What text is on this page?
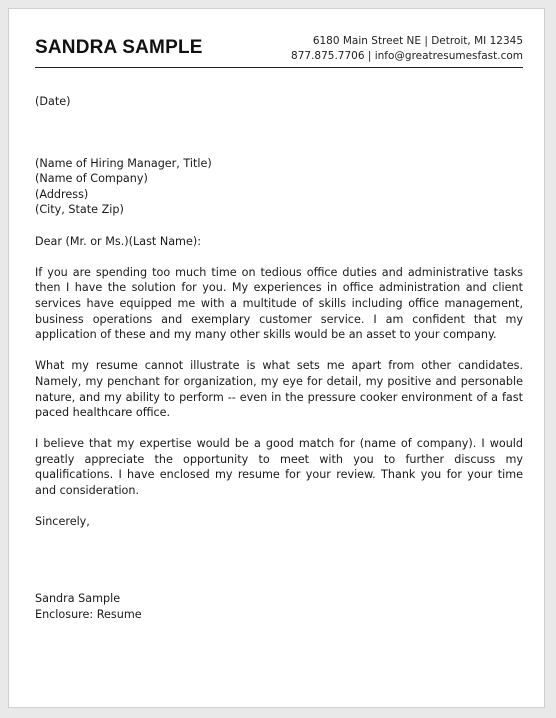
SANDRA SAMPLE	6180 Main Street NE | Detroit, MI 12345
877.875.7706 | info@greatresumesfast.com
(Date)
(Name of Hiring Manager, Title)
(Name of Company)
(Address)
(City, State Zip)
Dear (Mr. or Ms.)(Last Name):

If you are spending too much time on tedious office duties and administrative tasks then I have the solution for you. My experiences in office administration and client services have equipped me with a multitude of skills including office management, business operations and exemplary customer service. I am confident that my application of these and my many other skills would be an asset to your company.

What my resume cannot illustrate is what sets me apart from other candidates. Namely, my penchant for organization, my eye for detail, my positive and personable nature, and my ability to perform -- even in the pressure cooker environment of a fast paced healthcare office.

I believe that my expertise would be a good match for (name of company). I would greatly appreciate the opportunity to meet with you to further discuss my qualifications. I have enclosed my resume for your review. Thank you for your time and consideration.

Sincerely,
Sandra Sample
Enclosure: Resume
